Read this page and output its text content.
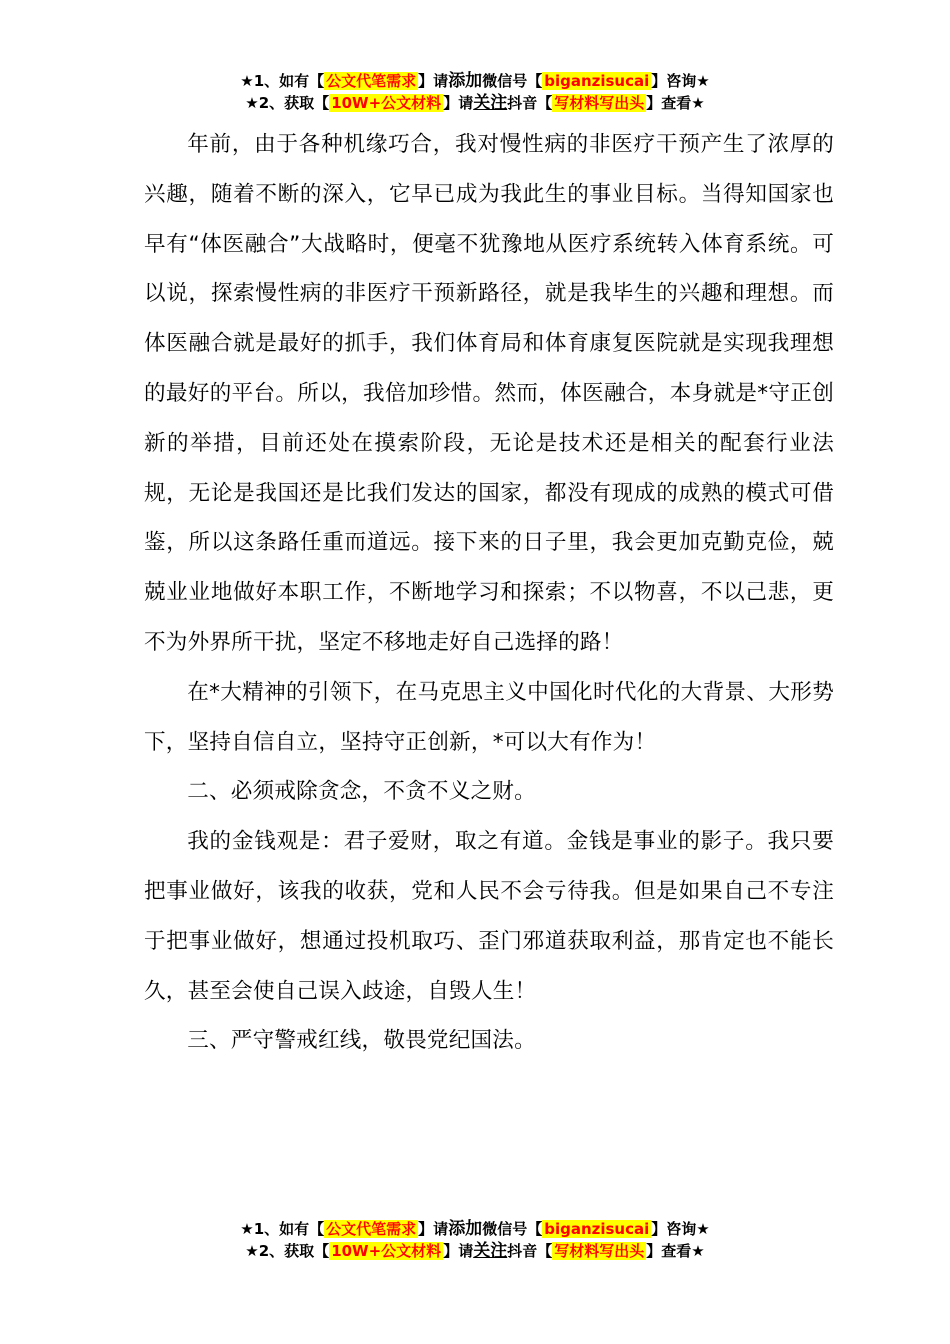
★1、如有【 公文代笔需求 】请添加微信号【 biganzisucai 】咨询★
★2、获取【 10W+公文材料 】请关注抖音【 写材料写出头 】查看★

年前，由于各种机缘巧合，我对慢性病的非医疗干预产生了浓厚的兴趣，随着不断的深入，它早已成为我此生的事业目标。当得知国家也早有“体医融合”大战略时，便毫不犹豫地从医疗系统转入体育系统。可以说，探索慢性病的非医疗干预新路径，就是我毕生的兴趣和理想。而体医融合就是最好的抓手，我们体育局和体育康复医院就是实现我理想的最好的平台。所以，我倍加珍惜。然而，体医融合，本身就是*守正创新的举措，目前还处在摸索阶段，无论是技术还是相关的配套行业法规，无论是我国还是比我们发达的国家，都没有现成的成熟的模式可借鉴，所以这条路任重而道远。接下来的日子里，我会更加克勤克俭，兢兢业业地做好本职工作，不断地学习和探索；不以物喜，不以己悲，更不为外界所干扰，坚定不移地走好自己选择的路！

在*大精神的引领下，在马克思主义中国化时代化的大背景、大形势下，坚持自信自立，坚持守正创新，*可以大有作为！

二、必须戒除贪念，不贪不义之财。

我的金钱观是：君子爱财，取之有道。金钱是事业的影子。我只要把事业做好，该我的收获，党和人民不会亏待我。但是如果自己不专注于把事业做好，想通过投机取巧、歪门邪道获取利益，那肯定也不能长久，甚至会使自己误入歧途，自毁人生！

三、严守警戒红线，敬畏党纪国法。

★1、如有【 公文代笔需求 】请添加微信号【 biganzisucai 】咨询★
★2、获取【 10W+公文材料 】请关注抖音【 写材料写出头 】查看★
